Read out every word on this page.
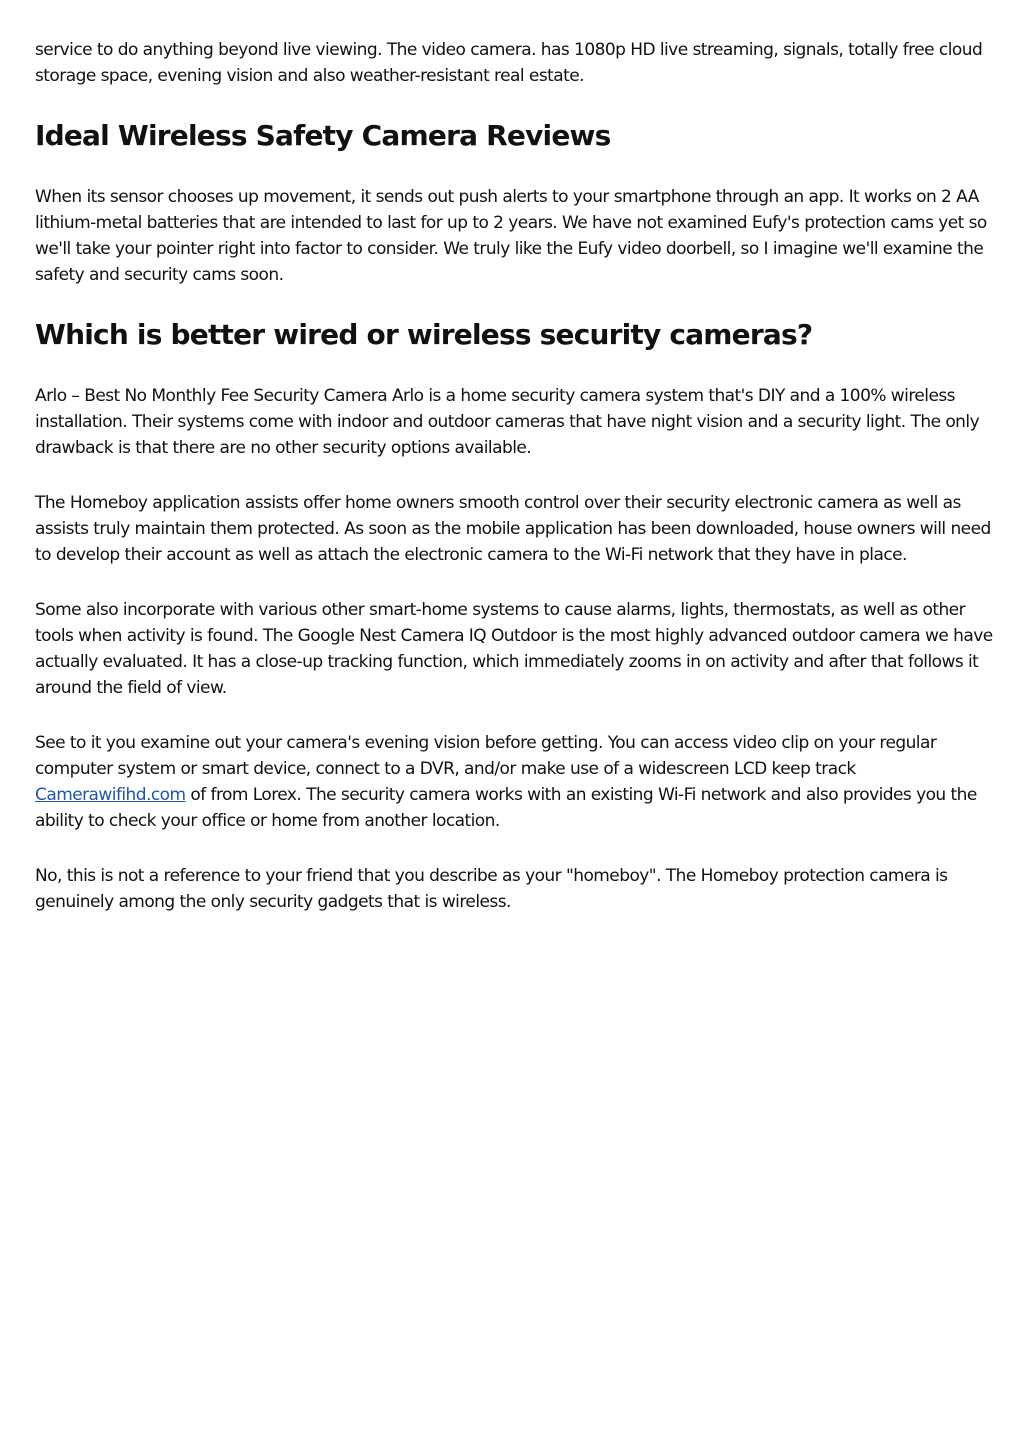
service to do anything beyond live viewing. The video camera. has 1080p HD live streaming, signals, totally free cloud storage space, evening vision and also weather-resistant real estate.

Ideal Wireless Safety Camera Reviews

When its sensor chooses up movement, it sends out push alerts to your smartphone through an app. It works on 2 AA lithium-metal batteries that are intended to last for up to 2 years. We have not examined Eufy's protection cams yet so we'll take your pointer right into factor to consider. We truly like the Eufy video doorbell, so I imagine we'll examine the safety and security cams soon.

Which is better wired or wireless security cameras?

Arlo – Best No Monthly Fee Security Camera Arlo is a home security camera system that's DIY and a 100% wireless installation. Their systems come with indoor and outdoor cameras that have night vision and a security light. The only drawback is that there are no other security options available.

The Homeboy application assists offer home owners smooth control over their security electronic camera as well as assists truly maintain them protected. As soon as the mobile application has been downloaded, house owners will need to develop their account as well as attach the electronic camera to the Wi-Fi network that they have in place.

Some also incorporate with various other smart-home systems to cause alarms, lights, thermostats, as well as other tools when activity is found. The Google Nest Camera IQ Outdoor is the most highly advanced outdoor camera we have actually evaluated. It has a close-up tracking function, which immediately zooms in on activity and after that follows it around the field of view.

See to it you examine out your camera's evening vision before getting. You can access video clip on your regular computer system or smart device, connect to a DVR, and/or make use of a widescreen LCD keep track Camerawifihd.com of from Lorex. The security camera works with an existing Wi-Fi network and also provides you the ability to check your office or home from another location.

No, this is not a reference to your friend that you describe as your "homeboy". The Homeboy protection camera is genuinely among the only security gadgets that is wireless.
